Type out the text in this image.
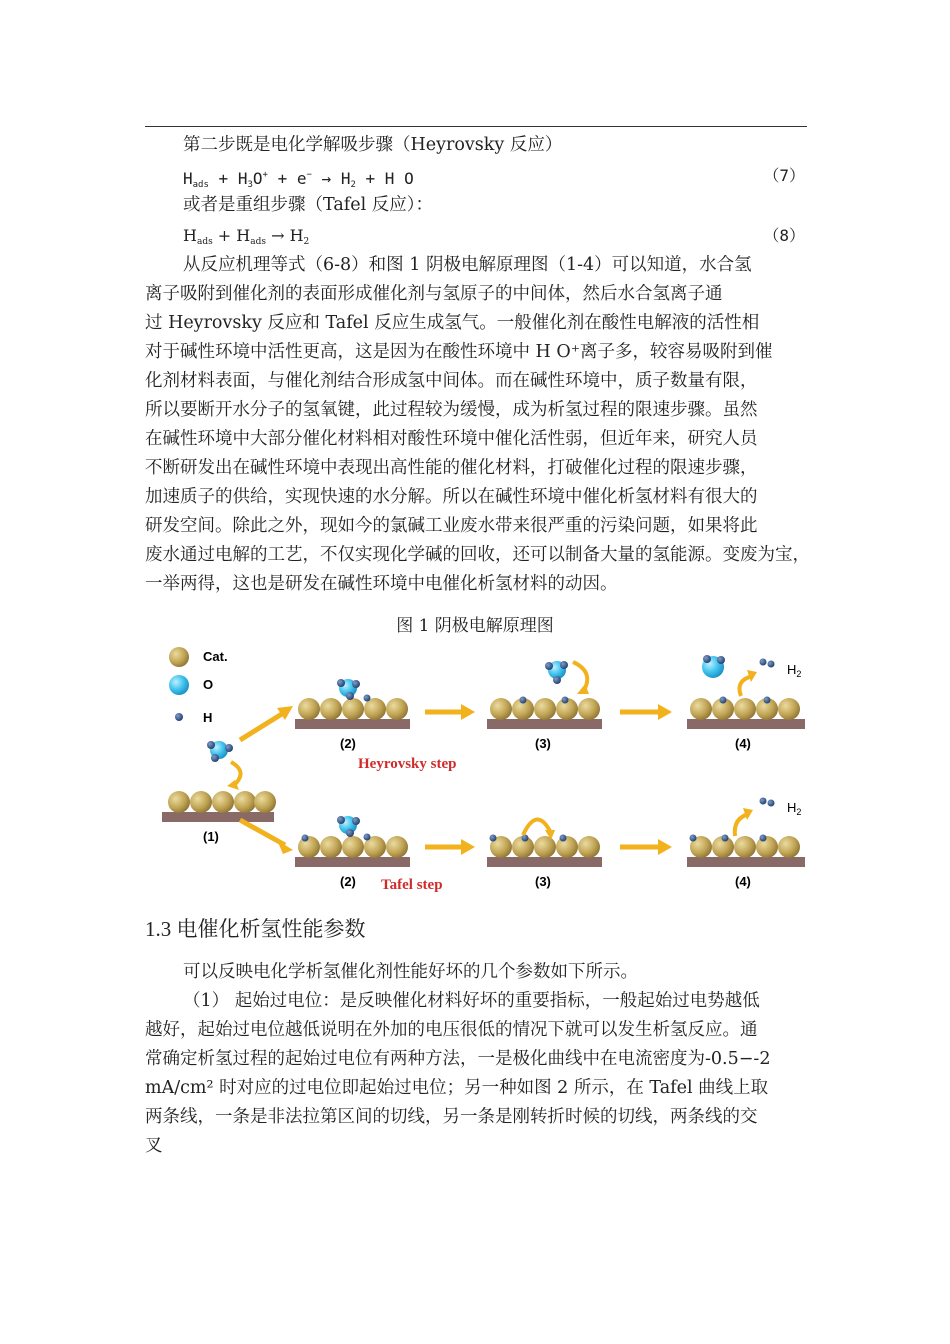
第二步既是电化学解吸步骤（Heyrovsky 反应）
$H_{ads} + H_3O^+ + e^- \to H_2 + H$ O	（7）
或者是重组步骤（Tafel 反应）：
$H_{ads} + H_{ads} \to H_2$	（8）
从反应机理等式（6-8）和图 1 阴极电解原理图（1-4）可以知道，水合氢
离子吸附到催化剂的表面形成催化剂与氢原子的中间体，然后水合氢离子通
过 Heyrovsky 反应和 Tafel 反应生成氢气。一般催化剂在酸性电解液的活性相
对于碱性环境中活性更高，这是因为在酸性环境中 H O⁺离子多，较容易吸附到催
化剂材料表面，与催化剂结合形成氢中间体。而在碱性环境中，质子数量有限，
所以要断开水分子的氢氧键，此过程较为缓慢，成为析氢过程的限速步骤。虽然
在碱性环境中大部分催化材料相对酸性环境中催化活性弱，但近年来，研究人员
不断研发出在碱性环境中表现出高性能的催化材料，打破催化过程的限速步骤，
加速质子的供给，实现快速的水分解。所以在碱性环境中催化析氢材料有很大的
研发空间。除此之外，现如今的氯碱工业废水带来很严重的污染问题，如果将此
废水通过电解的工艺，不仅实现化学碱的回收，还可以制备大量的氢能源。变废为宝，
一举两得，这也是研发在碱性环境中电催化析氢材料的动因。
图 1 阴极电解原理图
Cat.
O
H
(1)
(2)
Heyrovsky step
(3)
$H_2$
(4)
(2) Tafel step	(3)
$H_2$
(4)
1.3 电催化析氢性能参数
可以反映电化学析氢催化剂性能好坏的几个参数如下所示。
（1） 起始过电位：是反映催化材料好坏的重要指标，一般起始过电势越低
越好，起始过电位越低说明在外加的电压很低的情况下就可以发生析氢反应。通
常确定析氢过程的起始过电位有两种方法，一是极化曲线中在电流密度为-0.5−-2
mA/cm² 时对应的过电位即起始过电位；另一种如图 2 所示，在 Tafel 曲线上取
两条线，一条是非法拉第区间的切线，另一条是刚转折时候的切线，两条线的交
叉
